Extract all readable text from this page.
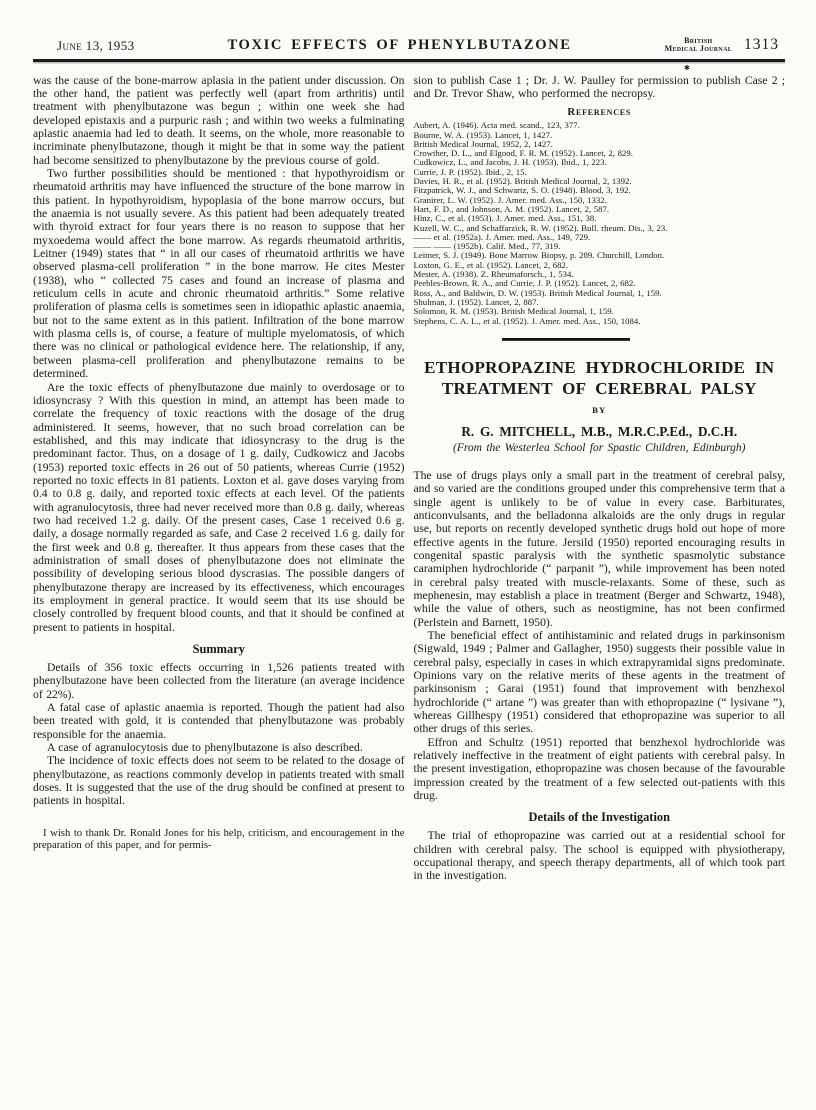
June 13, 1953	TOXIC EFFECTS OF PHENYLBUTAZONE	British
Medical Journal 1313
✱

was the cause of the bone-marrow aplasia in the patient under discussion. On the other hand, the patient was perfectly well (apart from arthritis) until treatment with phenylbutazone was begun ; within one week she had developed epistaxis and a purpuric rash ; and within two weeks a fulminating aplastic anaemia had led to death. It seems, on the whole, more reasonable to incriminate phenylbutazone, though it might be that in some way the patient had become sensitized to phenylbutazone by the previous course of gold.

Two further possibilities should be mentioned : that hypothyroidism or rheumatoid arthritis may have influenced the structure of the bone marrow in this patient. In hypothyroidism, hypoplasia of the bone marrow occurs, but the anaemia is not usually severe. As this patient had been adequately treated with thyroid extract for four years there is no reason to suppose that her myxoedema would affect the bone marrow. As regards rheumatoid arthritis, Leitner (1949) states that “ in all our cases of rheumatoid arthritis we have observed plasma-cell proliferation ” in the bone marrow. He cites Mester (1938), who “ collected 75 cases and found an increase of plasma and reticulum cells in acute and chronic rheumatoid arthritis.” Some relative proliferation of plasma cells is sometimes seen in idiopathic aplastic anaemia, but not to the same extent as in this patient. Infiltration of the bone marrow with plasma cells is, of course, a feature of multiple myelomatosis, of which there was no clinical or pathological evidence here. The relationship, if any, between plasma-cell proliferation and phenylbutazone remains to be determined.

Are the toxic effects of phenylbutazone due mainly to overdosage or to idiosyncrasy ? With this question in mind, an attempt has been made to correlate the frequency of toxic reactions with the dosage of the drug administered. It seems, however, that no such broad correlation can be established, and this may indicate that idiosyncrasy to the drug is the predominant factor. Thus, on a dosage of 1 g. daily, Cudkowicz and Jacobs (1953) reported toxic effects in 26 out of 50 patients, whereas Currie (1952) reported no toxic effects in 81 patients. Loxton et al. gave doses varying from 0.4 to 0.8 g. daily, and reported toxic effects at each level. Of the patients with agranulocytosis, three had never received more than 0.8 g. daily, whereas two had received 1.2 g. daily. Of the present cases, Case 1 received 0.6 g. daily, a dosage normally regarded as safe, and Case 2 received 1.6 g. daily for the first week and 0.8 g. thereafter. It thus appears from these cases that the administration of small doses of phenylbutazone does not eliminate the possibility of developing serious blood dyscrasias. The possible dangers of phenylbutazone therapy are increased by its effectiveness, which encourages its employment in general practice. It would seem that its use should be closely controlled by frequent blood counts, and that it should be confined at present to patients in hospital.

Summary

Details of 356 toxic effects occurring in 1,526 patients treated with phenylbutazone have been collected from the literature (an average incidence of 22%).

A fatal case of aplastic anaemia is reported. Though the patient had also been treated with gold, it is contended that phenylbutazone was probably responsible for the anaemia.

A case of agranulocytosis due to phenylbutazone is also described.

The incidence of toxic effects does not seem to be related to the dosage of phenylbutazone, as reactions commonly develop in patients treated with small doses. It is suggested that the use of the drug should be confined at present to patients in hospital.

I wish to thank Dr. Ronald Jones for his help, criticism, and encouragement in the preparation of this paper, and for permis-

sion to publish Case 1 ; Dr. J. W. Paulley for permission to publish Case 2 ; and Dr. Trevor Shaw, who performed the necropsy.

References
Aubert, A. (1946). Acta med. scand., 123, 377.
Bourne, W. A. (1953). Lancet, 1, 1427.
British Medical Journal, 1952, 2, 1427.
Crowther, D. L., and Elgood, F. R. M. (1952). Lancet, 2, 829.
Cudkowicz, L., and Jacobs, J. H. (1953). Ibid., 1, 223.
Currie, J. P. (1952). Ibid., 2, 15.
Davies, H. R., et al. (1952). British Medical Journal, 2, 1392.
Fitzpatrick, W. J., and Schwartz, S. O. (1948). Blood, 3, 192.
Granirer, L. W. (1952). J. Amer. med. Ass., 150, 1332.
Hart, F. D., and Johnson, A. M. (1952). Lancet, 2, 587.
Hinz, C., et al. (1953). J. Amer. med. Ass., 151, 38.
Kuzell, W. C., and Schaffarzick, R. W. (1952). Bull. rheum. Dis., 3, 23.
—— et al. (1952a). J. Amer. med. Ass., 149, 729.
—— —— (1952b). Calif. Med., 77, 319.
Leitner, S. J. (1949). Bone Marrow Biopsy, p. 289. Churchill, London.
Loxton, G. E., et al. (1952). Lancet, 2, 682.
Mester, A. (1938). Z. Rheumaforsch., 1, 534.
Peebles-Brown, R. A., and Currie, J. P. (1952). Lancet, 2, 682.
Ross, A., and Baldwin, D. W. (1953). British Medical Journal, 1, 159.
Shulman, J. (1952). Lancet, 2, 887.
Solomon, R. M. (1953). British Medical Journal, 1, 159.
Stephens, C. A. L., et al. (1952). J. Amer. med. Ass., 150, 1084.
ETHOPROPAZINE HYDROCHLORIDE IN
TREATMENT OF CEREBRAL PALSY
BY
R. G. MITCHELL, M.B., M.R.C.P.Ed., D.C.H.
(From the Westerlea School for Spastic Children, Edinburgh)

The use of drugs plays only a small part in the treatment of cerebral palsy, and so varied are the conditions grouped under this comprehensive term that a single agent is unlikely to be of value in every case. Barbiturates, anticonvulsants, and the belladonna alkaloids are the only drugs in regular use, but reports on recently developed synthetic drugs hold out hope of more effective agents in the future. Jersild (1950) reported encouraging results in congenital spastic paralysis with the synthetic spasmolytic substance caramiphen hydrochloride (“ parpanit ”), while improvement has been noted in cerebral palsy treated with muscle-relaxants. Some of these, such as mephenesin, may establish a place in treatment (Berger and Schwartz, 1948), while the value of others, such as neostigmine, has not been confirmed (Perlstein and Barnett, 1950).

The beneficial effect of antihistaminic and related drugs in parkinsonism (Sigwald, 1949 ; Palmer and Gallagher, 1950) suggests their possible value in cerebral palsy, especially in cases in which extrapyramidal signs predominate. Opinions vary on the relative merits of these agents in the treatment of parkinsonism ; Garai (1951) found that improvement with benzhexol hydrochloride (“ artane ”) was greater than with ethopropazine (“ lysivane ”), whereas Gillhespy (1951) considered that ethopropazine was superior to all other drugs of this series.

Effron and Schultz (1951) reported that benzhexol hydrochloride was relatively ineffective in the treatment of eight patients with cerebral palsy. In the present investigation, ethopropazine was chosen because of the favourable impression created by the treatment of a few selected out-patients with this drug.

Details of the Investigation

The trial of ethopropazine was carried out at a residential school for children with cerebral palsy. The school is equipped with physiotherapy, occupational therapy, and speech therapy departments, all of which took part in the investigation.
